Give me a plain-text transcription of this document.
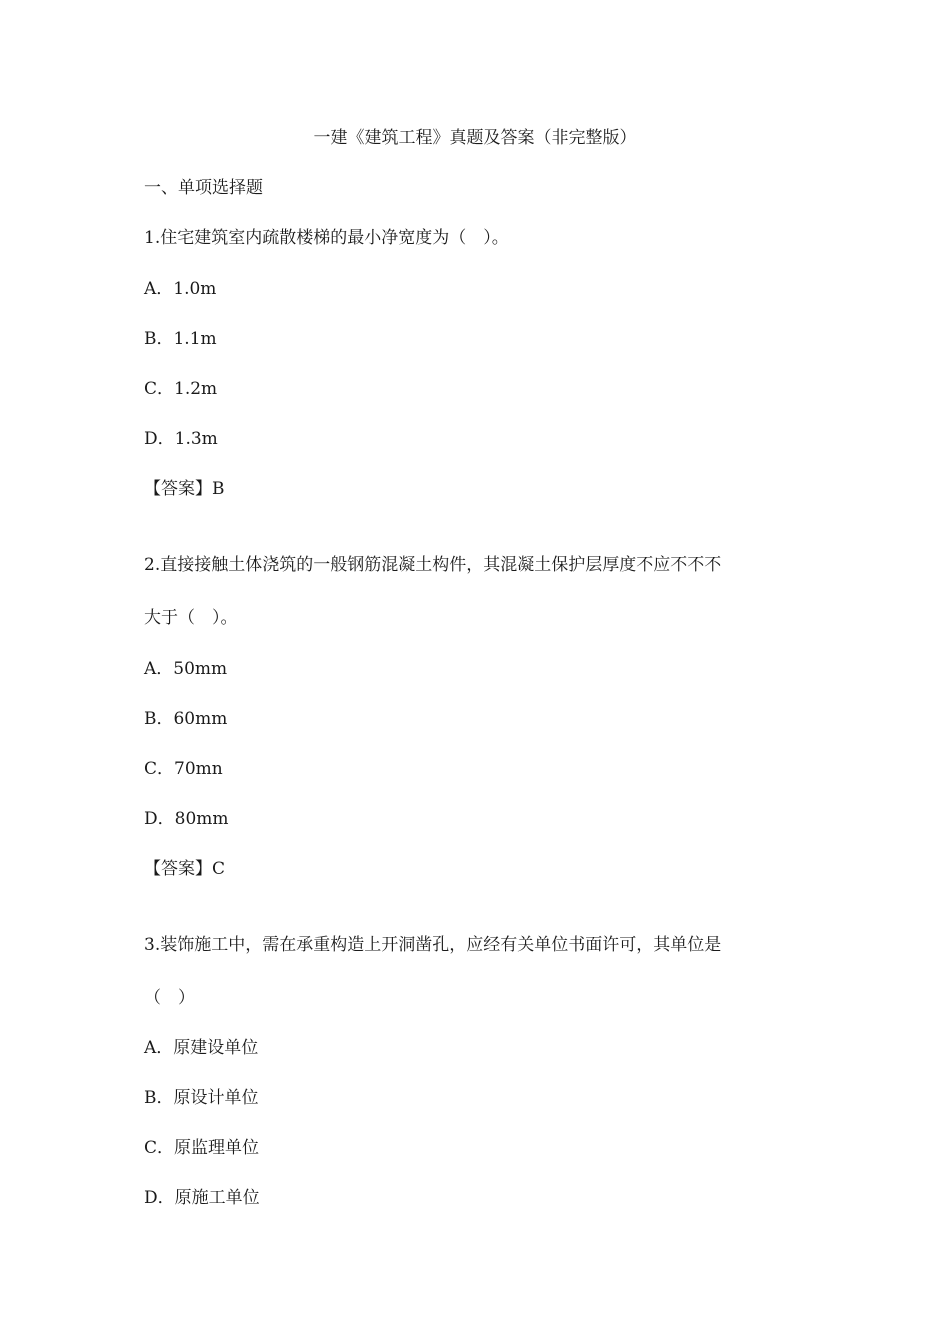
一建《建筑工程》真题及答案（非完整版）
一、单项选择题
1.住宅建筑室内疏散楼梯的最小净宽度为（　）。
A．1.0m
B．1.1m
C．1.2m
D．1.3m
【答案】B
2.直接接触土体浇筑的一般钢筋混凝土构件，其混凝土保护层厚度不应不不不
大于（　）。
A．50mm
B．60mm
C．70mn
D．80mm
【答案】C
3.装饰施工中，需在承重构造上开洞凿孔，应经有关单位书面许可，其单位是
（　）
A．原建设单位
B．原设计单位
C．原监理单位
D．原施工单位
